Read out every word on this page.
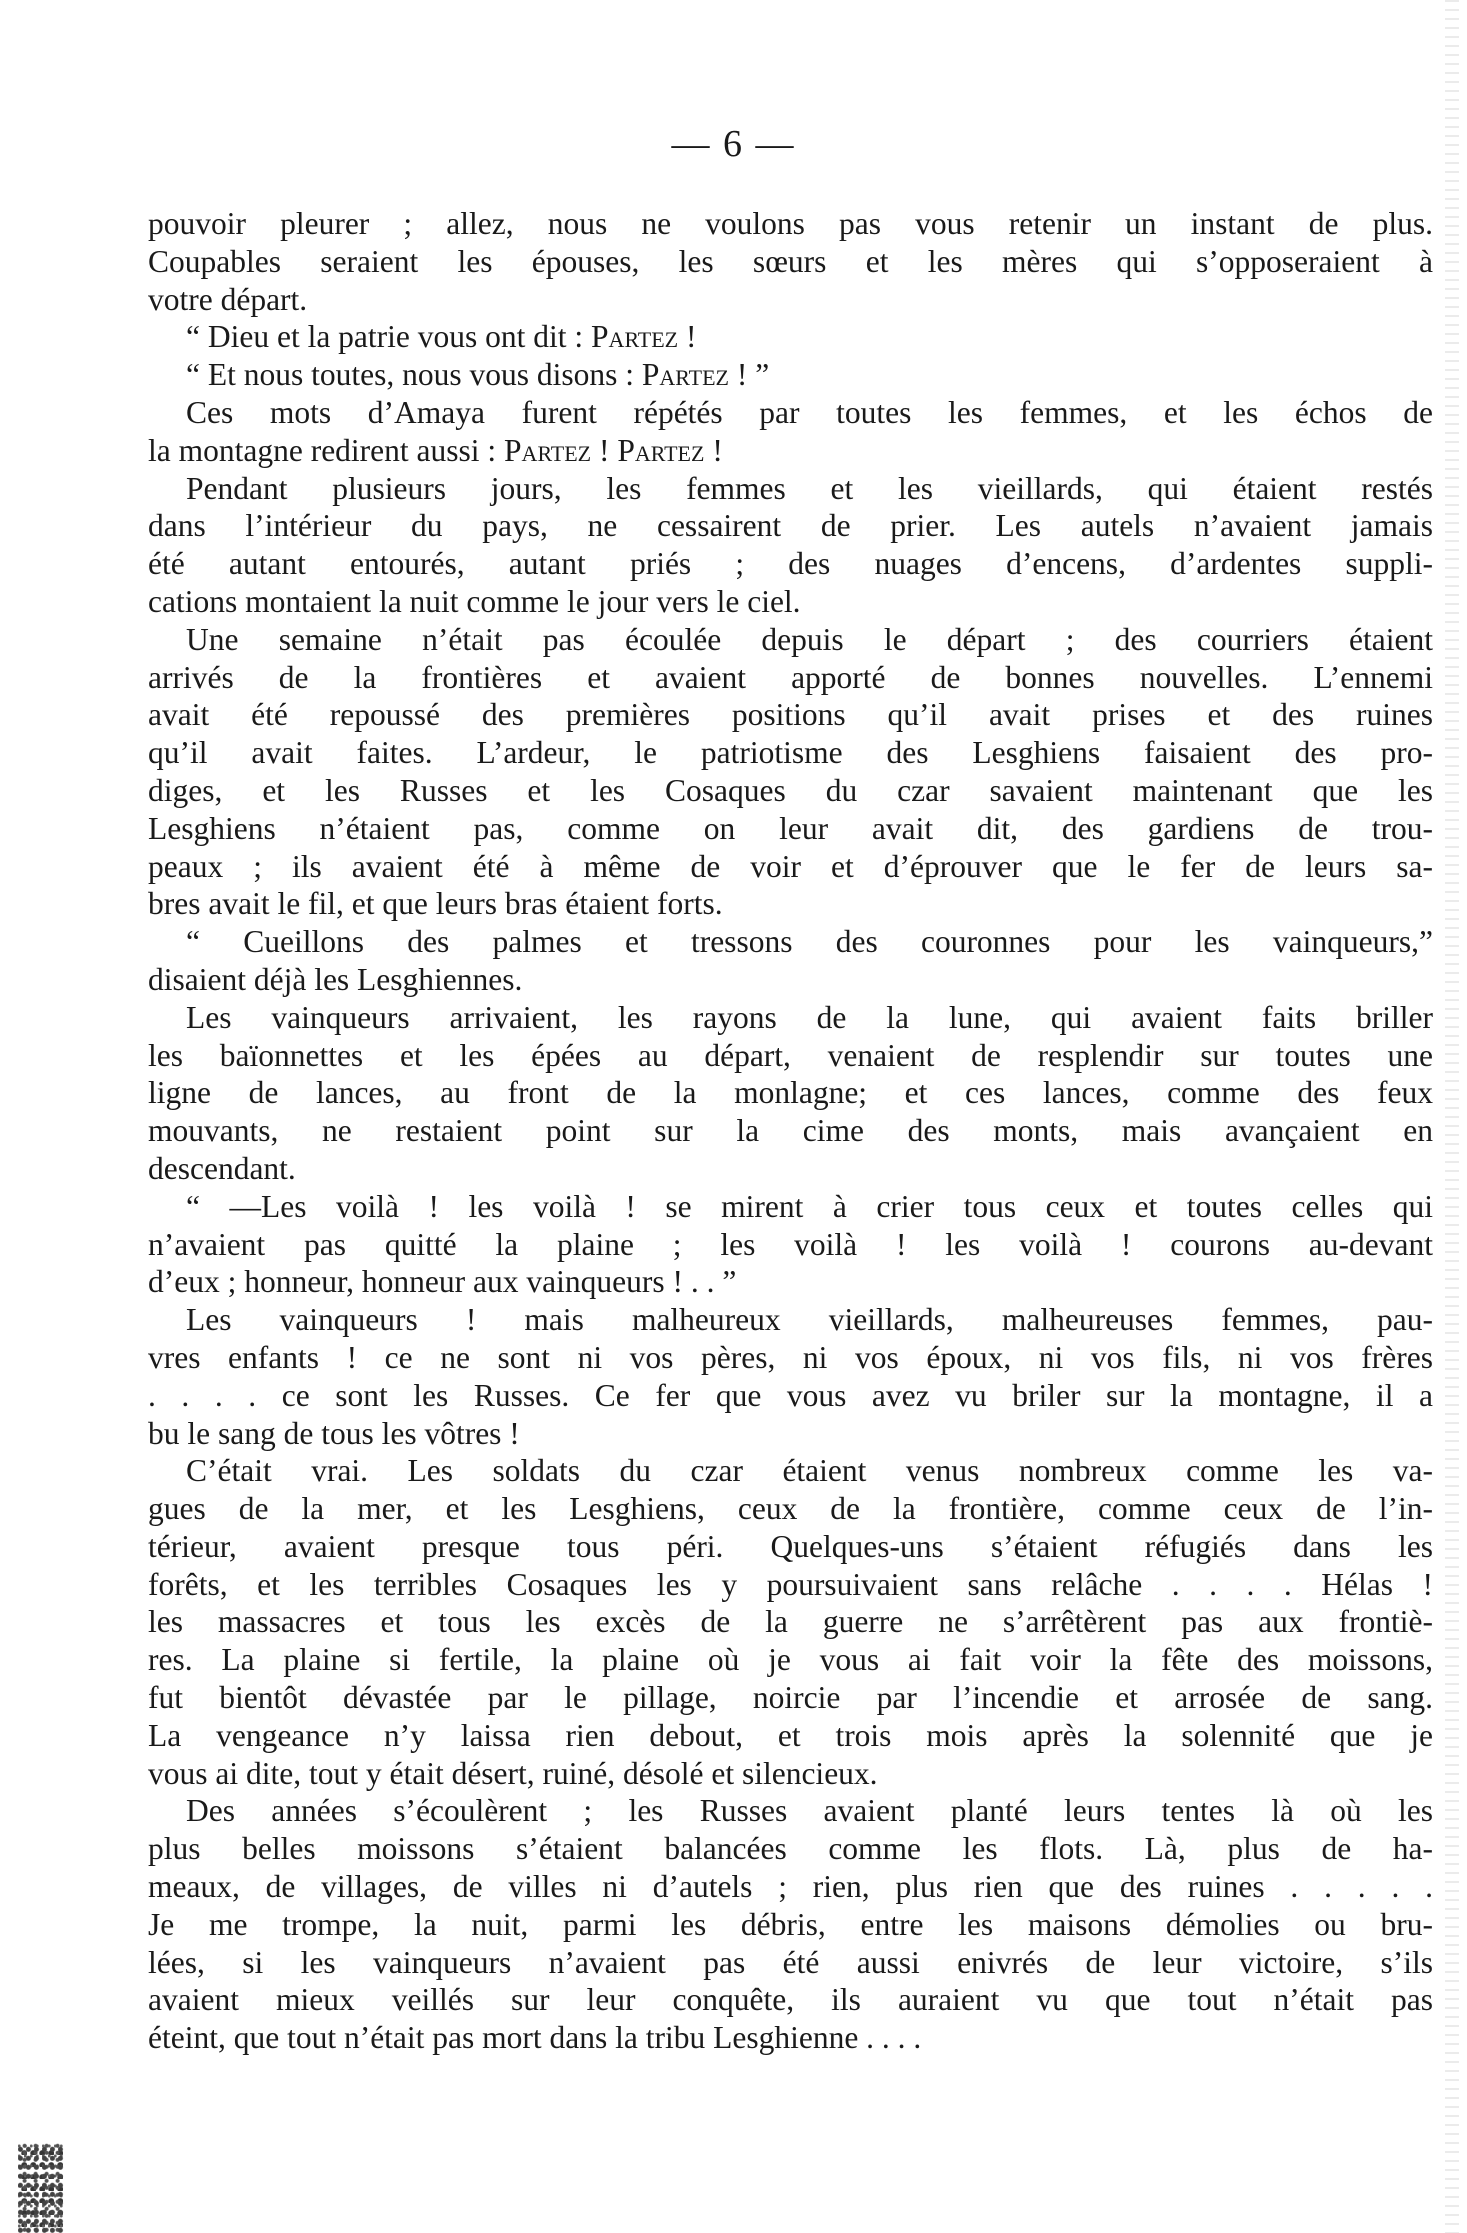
— 6 —
pouvoir pleurer ; allez, nous ne voulons pas vous retenir un instant de plus.
Coupables seraient les épouses, les sœurs et les mères qui s’opposeraient à
votre départ.
“ Dieu et la patrie vous ont dit : Partez !
“ Et nous toutes, nous vous disons : Partez ! ”
Ces mots d’Amaya furent répétés par toutes les femmes, et les échos de
la montagne redirent aussi : Partez ! Partez !
Pendant plusieurs jours, les femmes et les vieillards, qui étaient restés
dans l’intérieur du pays, ne cessairent de prier. Les autels n’avaient jamais
été autant entourés, autant priés ; des nuages d’encens, d’ardentes suppli-
cations montaient la nuit comme le jour vers le ciel.
Une semaine n’était pas écoulée depuis le départ ; des courriers étaient
arrivés de la frontières et avaient apporté de bonnes nouvelles. L’ennemi
avait été repoussé des premières positions qu’il avait prises et des ruines
qu’il avait faites. L’ardeur, le patriotisme des Lesghiens faisaient des pro-
diges, et les Russes et les Cosaques du czar savaient maintenant que les
Lesghiens n’étaient pas, comme on leur avait dit, des gardiens de trou-
peaux ; ils avaient été à même de voir et d’éprouver que le fer de leurs sa-
bres avait le fil, et que leurs bras étaient forts.
“ Cueillons des palmes et tressons des couronnes pour les vainqueurs,”
disaient déjà les Lesghiennes.
Les vainqueurs arrivaient, les rayons de la lune, qui avaient faits briller
les baïonnettes et les épées au départ, venaient de resplendir sur toutes une
ligne de lances, au front de la monlagne; et ces lances, comme des feux
mouvants, ne restaient point sur la cime des monts, mais avançaient en
descendant.
“ —Les voilà ! les voilà ! se mirent à crier tous ceux et toutes celles qui
n’avaient pas quitté la plaine ; les voilà ! les voilà ! courons au-devant
d’eux ; honneur, honneur aux vainqueurs ! . . ”
Les vainqueurs ! mais malheureux vieillards, malheureuses femmes, pau-
vres enfants ! ce ne sont ni vos pères, ni vos époux, ni vos fils, ni vos frères
. . . . ce sont les Russes. Ce fer que vous avez vu briler sur la montagne, il a
bu le sang de tous les vôtres !
C’était vrai. Les soldats du czar étaient venus nombreux comme les va-
gues de la mer, et les Lesghiens, ceux de la frontière, comme ceux de l’in-
térieur, avaient presque tous péri. Quelques-uns s’étaient réfugiés dans les
forêts, et les terribles Cosaques les y poursuivaient sans relâche . . . . Hélas !
les massacres et tous les excès de la guerre ne s’arrêtèrent pas aux frontiè-
res. La plaine si fertile, la plaine où je vous ai fait voir la fête des moissons,
fut bientôt dévastée par le pillage, noircie par l’incendie et arrosée de sang.
La vengeance n’y laissa rien debout, et trois mois après la solennité que je
vous ai dite, tout y était désert, ruiné, désolé et silencieux.
Des années s’écoulèrent ; les Russes avaient planté leurs tentes là où les
plus belles moissons s’étaient balancées comme les flots. Là, plus de ha-
meaux, de villages, de villes ni d’autels ; rien, plus rien que des ruines . . . . .
Je me trompe, la nuit, parmi les débris, entre les maisons démolies ou bru-
lées, si les vainqueurs n’avaient pas été aussi enivrés de leur victoire, s’ils
avaient mieux veillés sur leur conquête, ils auraient vu que tout n’était pas
éteint, que tout n’était pas mort dans la tribu Lesghienne . . . .
